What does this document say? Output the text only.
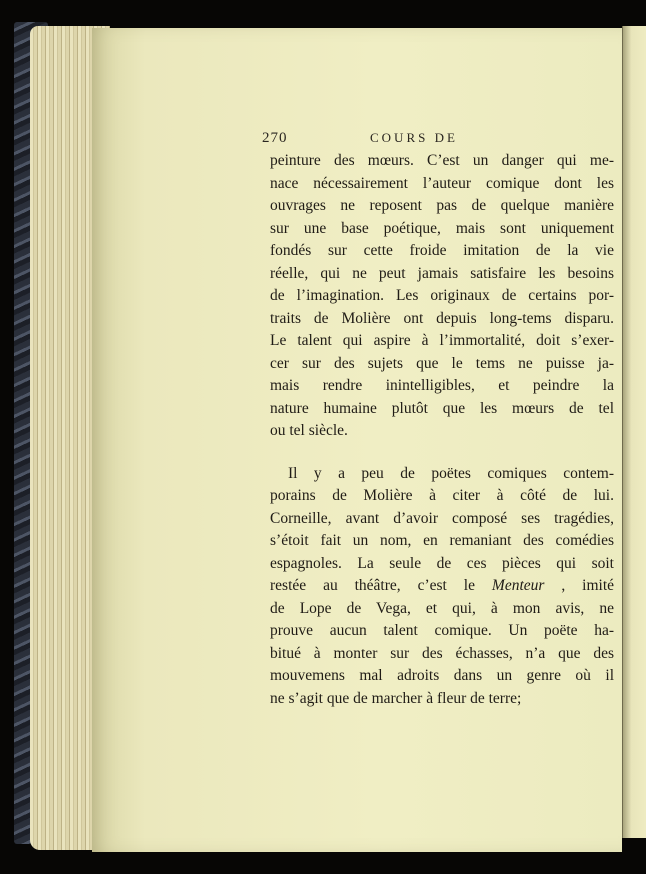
270	COURS DE
peinture des mœurs. C’est un danger qui me-
nace nécessairement l’auteur comique dont les
ouvrages ne reposent pas de quelque manière
sur une base poétique, mais sont uniquement
fondés sur cette froide imitation de la vie
réelle, qui ne peut jamais satisfaire les besoins
de l’imagination. Les originaux de certains por-
traits de Molière ont depuis long-tems disparu.
Le talent qui aspire à l’immortalité, doit s’exer-
cer sur des sujets que le tems ne puisse ja-
mais rendre inintelligibles, et peindre la
nature humaine plutôt que les mœurs de tel
ou tel siècle.
Il y a peu de poëtes comiques contem-
porains de Molière à citer à côté de lui.
Corneille, avant d’avoir composé ses tragédies,
s’étoit fait un nom, en remaniant des comédies
espagnoles. La seule de ces pièces qui soit
restée au théâtre, c’est le Menteur , imité
de Lope de Vega, et qui, à mon avis, ne
prouve aucun talent comique. Un poëte ha-
bitué à monter sur des échasses, n’a que des
mouvemens mal adroits dans un genre où il
ne s’agit que de marcher à fleur de terre;
